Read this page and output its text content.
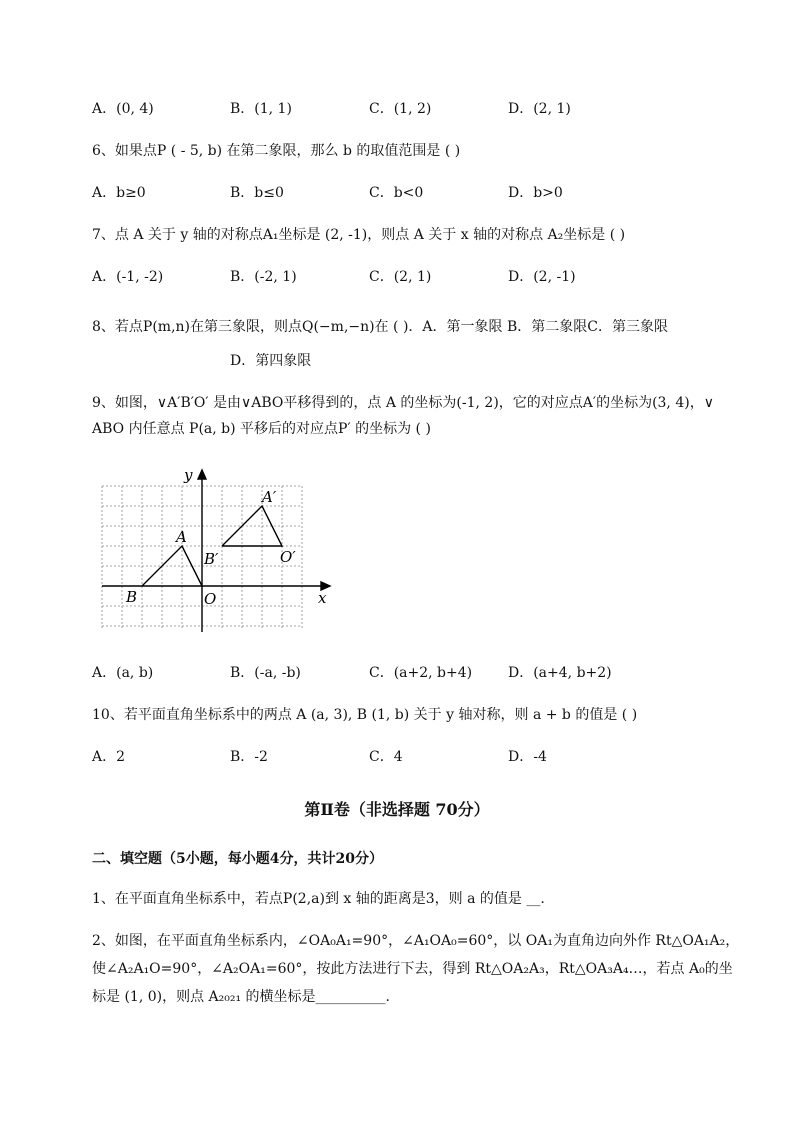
A．(0, 4)	B．(1, 1)	C．(1, 2)	D．(2, 1)
6、如果点P ( - 5, b) 在第二象限，那么 b 的取值范围是 ( )
A．b≥0	B．b≤0	C．b<0	D．b>0
7、点 A 关于 y 轴的对称点A₁坐标是 (2, -1)，则点 A 关于 x 轴的对称点 A₂坐标是 ( )
A．(-1, -2)	B．(-2, 1)	C．(2, 1)	D．(2, -1)
8、若点P(m,n)在第三象限，则点Q(−m,−n)在 ( )．A．第一象限 B．第二象限C．第三象限
D．第四象限
9、如图，∨A′B′O′ 是由∨ABO平移得到的，点 A 的坐标为(-1, 2)，它的对应点A′的坐标为(3, 4)，∨
ABO 内任意点 P(a, b) 平移后的对应点P′ 的坐标为 ( )
y
x
A
B	O
A′
B′	O′
A．(a, b)	B．(-a, -b)	C．(a+2, b+4)	D．(a+4, b+2)
10、若平面直角坐标系中的两点 A (a, 3), B (1, b) 关于 y 轴对称，则 a + b 的值是 ( )
A．2	B．-2	C．4	D．-4
第Ⅱ卷（非选择题 70分）
二、填空题（5小题，每小题4分，共计20分）
1、在平面直角坐标系中，若点P(2,a)到 x 轴的距离是3，则 a 的值是 __.
2、如图，在平面直角坐标系内，∠OA₀A₁=90°，∠A₁OA₀=60°，以 OA₁为直角边向外作 Rt△OA₁A₂，
使∠A₂A₁O=90°，∠A₂OA₁=60°，按此方法进行下去，得到 Rt△OA₂A₃，Rt△OA₃A₄…，若点 A₀的坐
标是 (1, 0)，则点 A₂₀₂₁ 的横坐标是__________.
